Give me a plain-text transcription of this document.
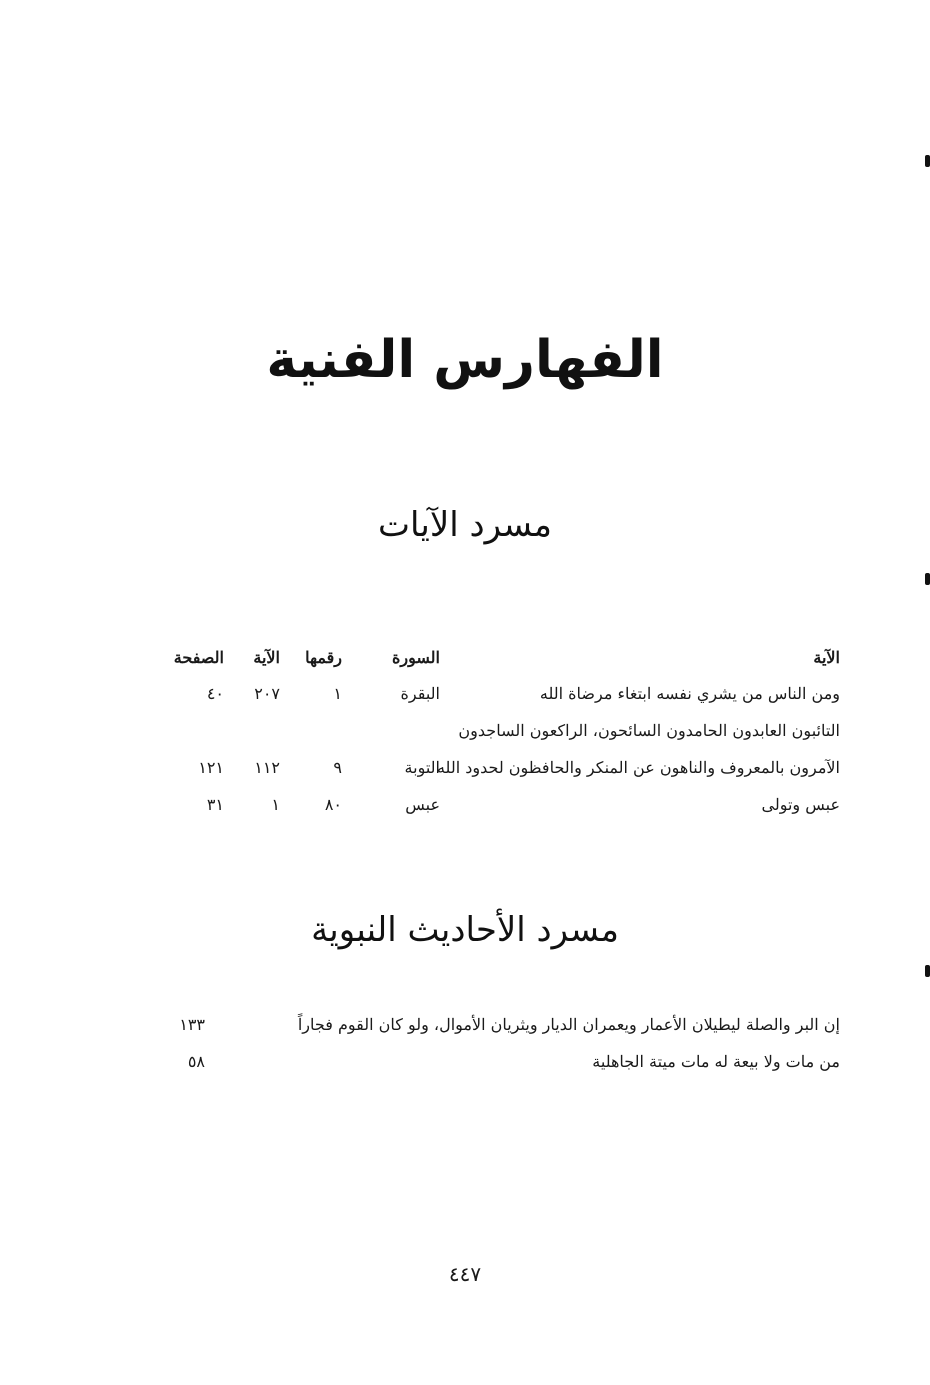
الفهارس الفنية
مسرد الآيات
الآية
السورة
رقمها
الآية
الصفحة
ومن الناس من يشري نفسه ابتغاء مرضاة الله
البقرة
١
٢٠٧
٤٠
التائبون العابدون الحامدون السائحون، الراكعون الساجدون
الآمرون بالمعروف والناهون عن المنكر والحافظون لحدود الله
التوبة
٩
١١٢
١٢١
عبس وتولى
عبس
٨٠
١
٣١
مسرد الأحاديث النبوية
إن البر والصلة ليطيلان الأعمار ويعمران الديار ويثريان الأموال، ولو كان القوم فجاراً
١٣٣
من مات ولا بيعة له مات ميتة الجاهلية
٥٨
٤٤٧
